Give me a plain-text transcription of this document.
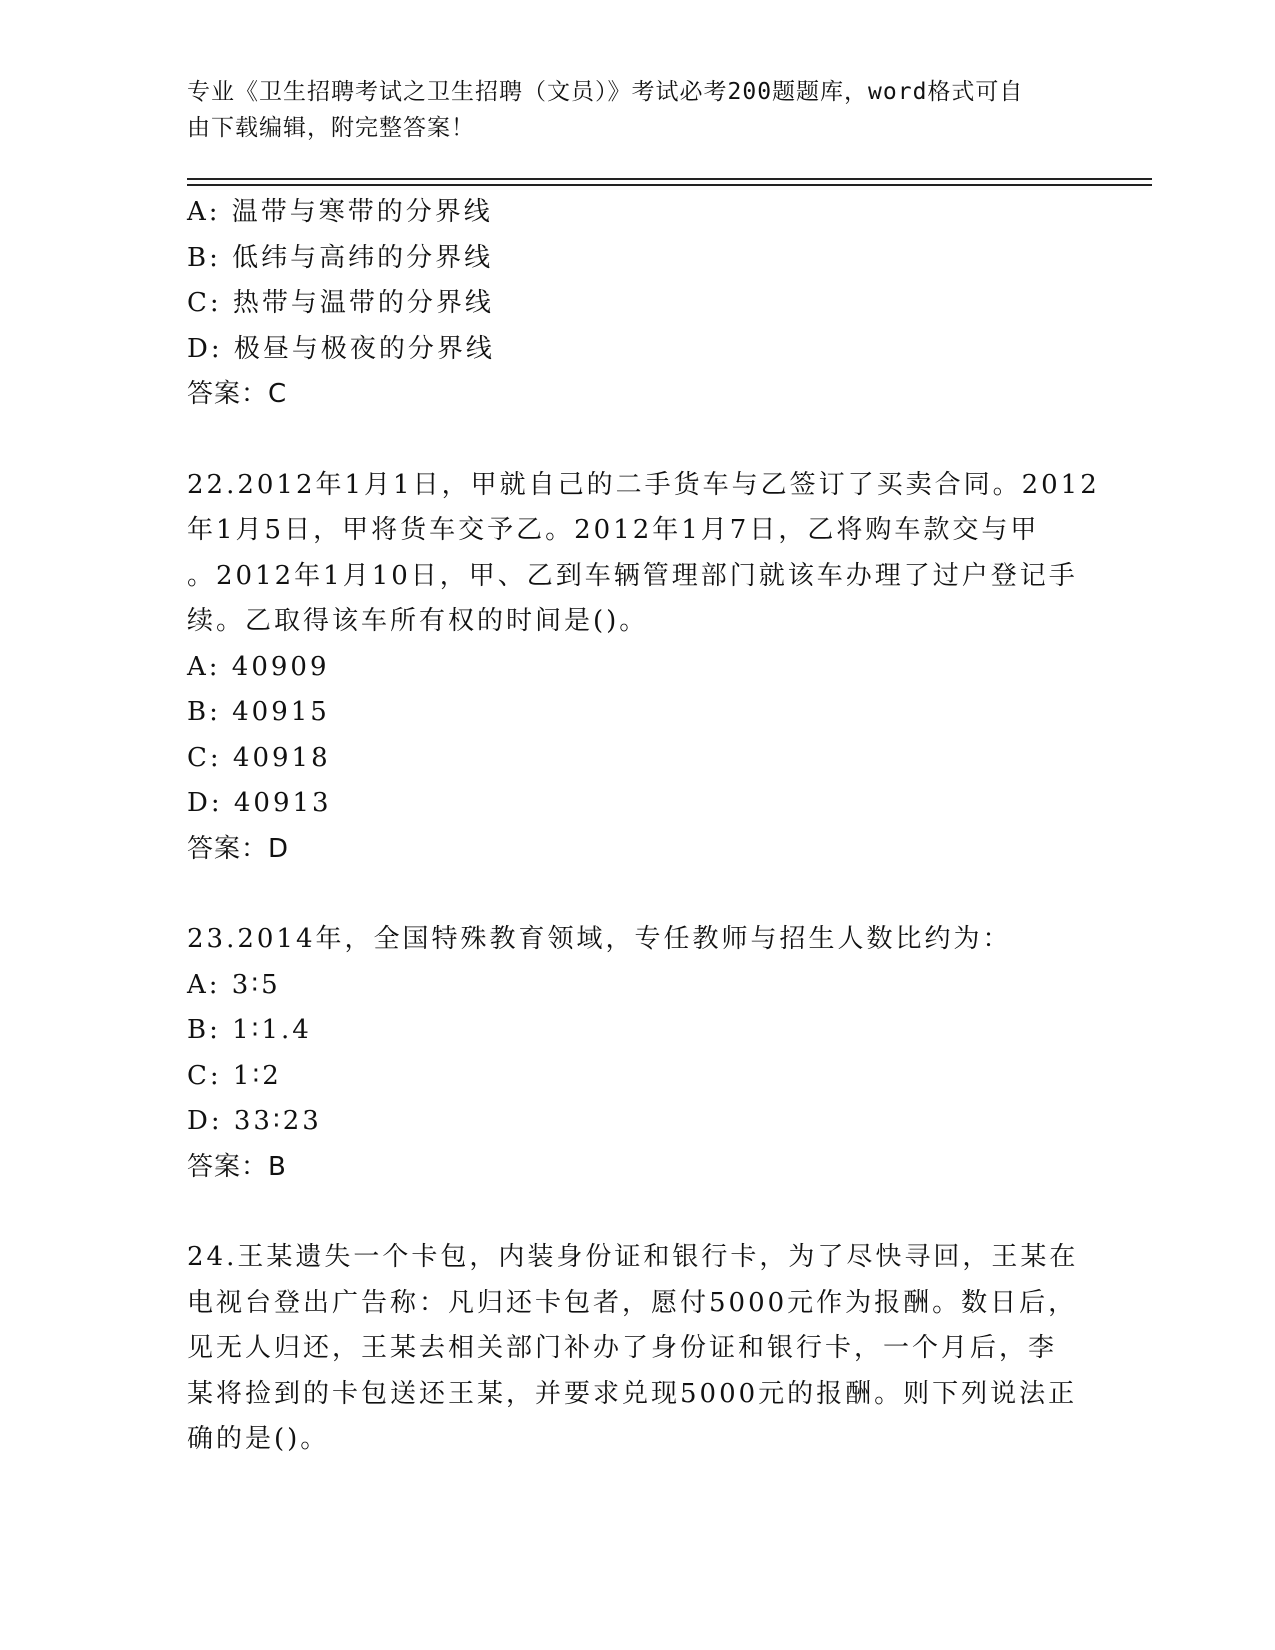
专业《卫生招聘考试之卫生招聘（文员）》考试必考200题题库，word格式可自
由下载编辑，附完整答案！
A: 温带与寒带的分界线
B: 低纬与高纬的分界线
C: 热带与温带的分界线
D: 极昼与极夜的分界线
答案：C
22.2012年1月1日，甲就自己的二手货车与乙签订了买卖合同。2012
年1月5日，甲将货车交予乙。2012年1月7日，乙将购车款交与甲
。2012年1月10日，甲、乙到车辆管理部门就该车办理了过户登记手
续。乙取得该车所有权的时间是()。
A: 40909
B: 40915
C: 40918
D: 40913
答案：D
23.2014年，全国特殊教育领域，专任教师与招生人数比约为：
A: 3∶5
B: 1∶1.4
C: 1∶2
D: 33∶23
答案：B
24.王某遗失一个卡包，内装身份证和银行卡，为了尽快寻回，王某在
电视台登出广告称：凡归还卡包者，愿付5000元作为报酬。数日后，
见无人归还，王某去相关部门补办了身份证和银行卡，一个月后，李
某将捡到的卡包送还王某，并要求兑现5000元的报酬。则下列说法正
确的是()。
